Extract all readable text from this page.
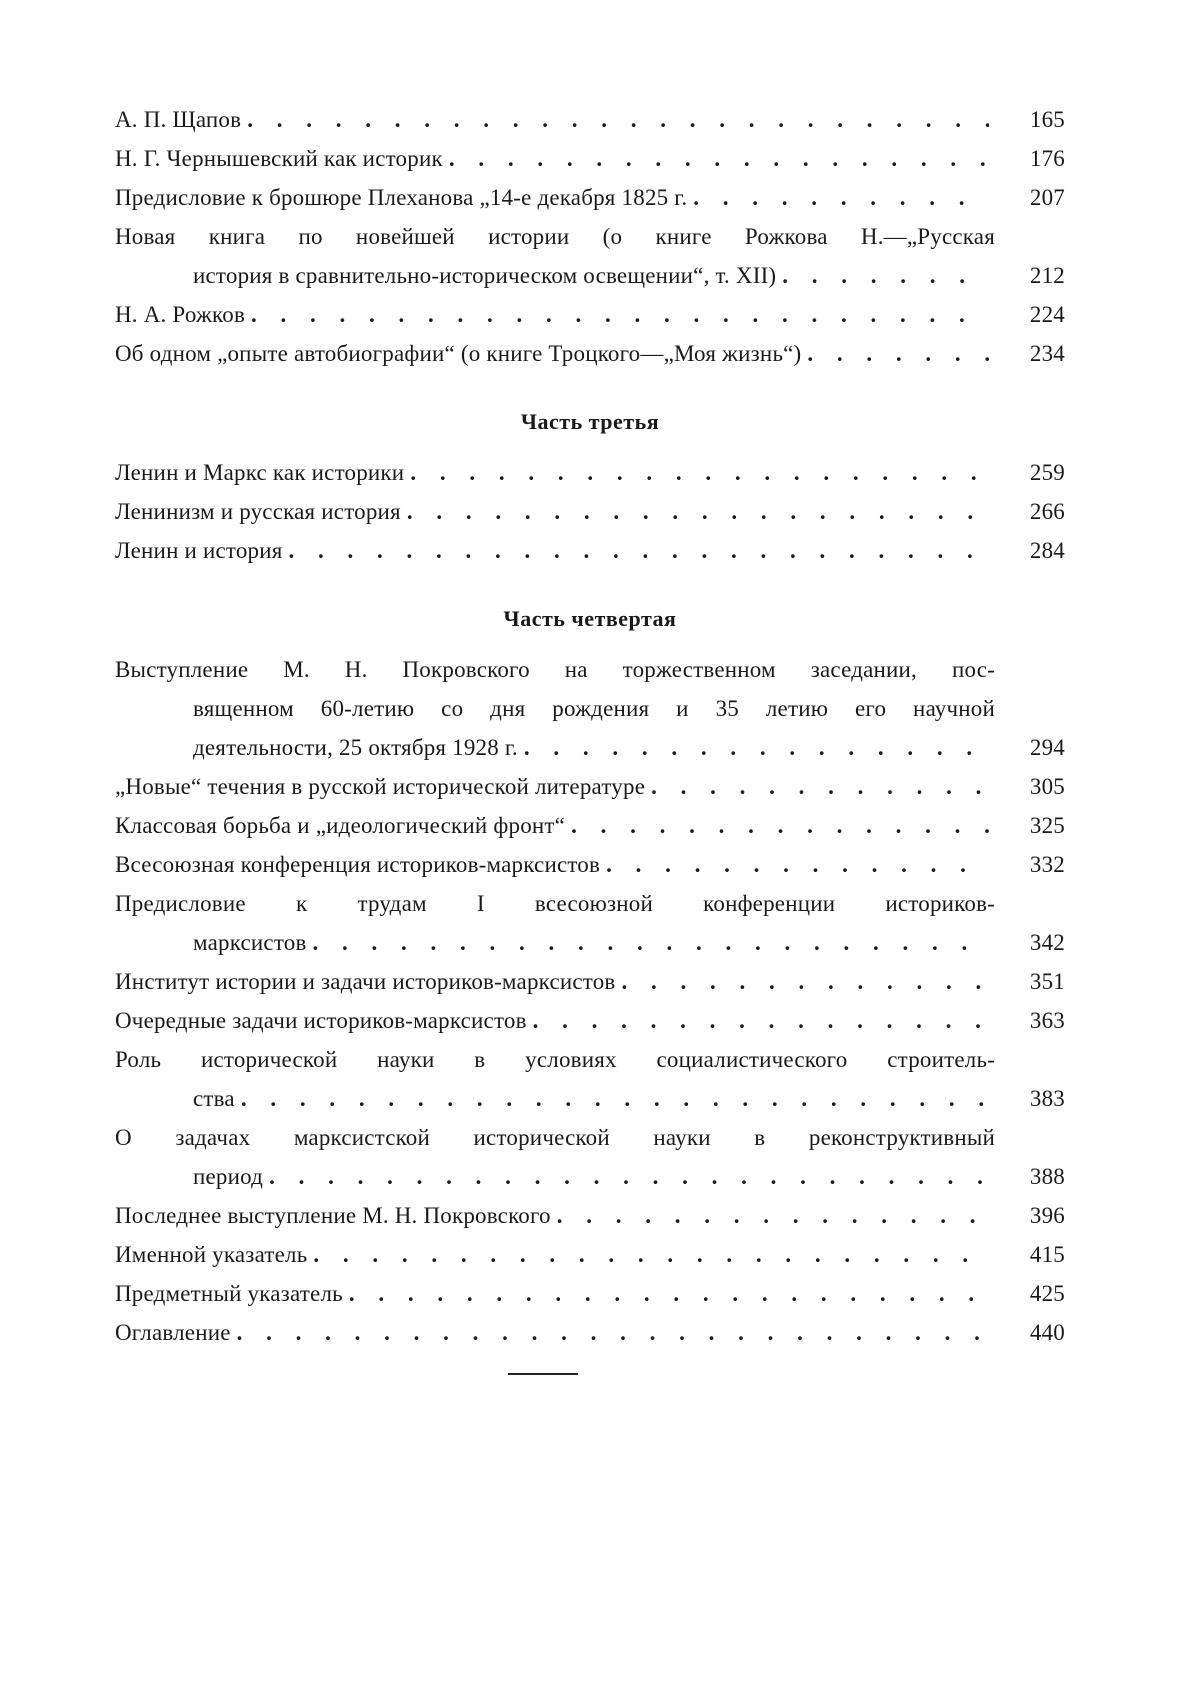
А. П. Щапов . . .	165
Н. Г. Чернышевский как историк . . .	176
Предисловие к брошюре Плеханова „14-е декабря 1825 г. . . .	207
Новая книга по новейшей истории (о книге Рожкова Н.—„Русская
история в сравнительно-историческом освещении“, т. XII) . . .	212
Н. А. Рожков . . .	224
Об одном „опыте автобиографии“ (о книге Троцкого—„Моя жизнь“) . . .	234
Часть третья
Ленин и Маркс как историки . . .	259
Ленинизм и русская история . . .	266
Ленин и история . . .	284
Часть четвертая
Выступление М. Н. Покровского на торжественном заседании, пос-
вященном 60-летию со дня рождения и 35 летию его научной
деятельности, 25 октября 1928 г. . . .	294
„Новые“ течения в русской исторической литературе . . .	305
Классовая борьба и „идеологический фронт“ . . .	325
Всесоюзная конференция историков-марксистов . . .	332
Предисловие к трудам I всесоюзной конференции историков-
марксистов . . .	342
Институт истории и задачи историков-марксистов . . .	351
Очередные задачи историков-марксистов . . .	363
Роль исторической науки в условиях социалистического строитель-
ства . . .	383
О задачах марксистской исторической науки в реконструктивный
период . . .	388
Последнее выступление М. Н. Покровского . . .	396
Именной указатель . . .	415
Предметный указатель . . .	425
Оглавление . . .	440
